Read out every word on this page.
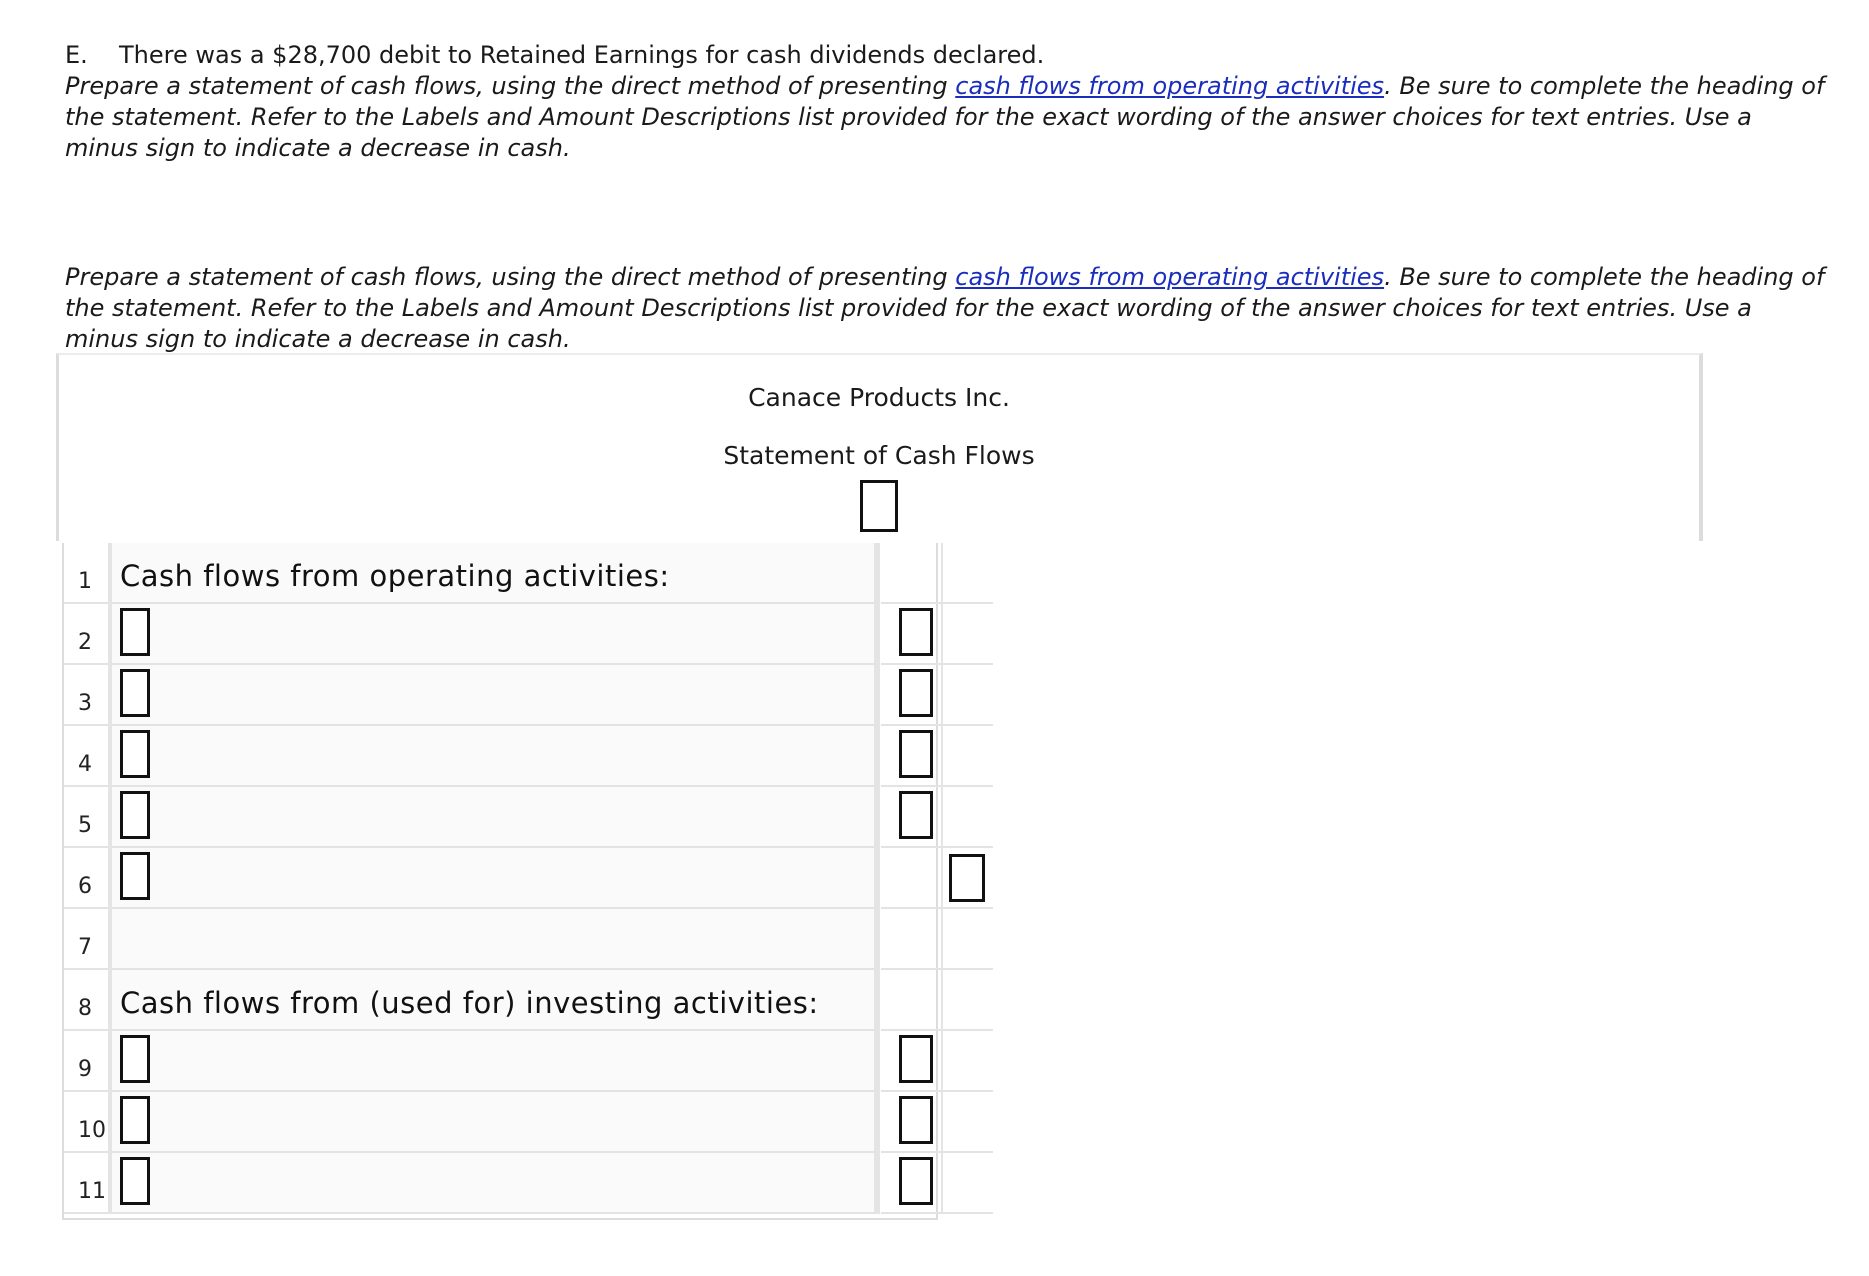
E. There was a $28,700 debit to Retained Earnings for cash dividends declared.
Prepare a statement of cash flows, using the direct method of presenting cash flows from operating activities. Be sure to complete the heading of the statement. Refer to the Labels and Amount Descriptions list provided for the exact wording of the answer choices for text entries. Use a minus sign to indicate a decrease in cash.
Prepare a statement of cash flows, using the direct method of presenting cash flows from operating activities. Be sure to complete the heading of the statement. Refer to the Labels and Amount Descriptions list provided for the exact wording of the answer choices for text entries. Use a minus sign to indicate a decrease in cash.
Canace Products Inc.
Statement of Cash Flows
1 Cash flows from operating activities:
2
3
4
5
6
7
8 Cash flows from (used for) investing activities:
9
10
11
